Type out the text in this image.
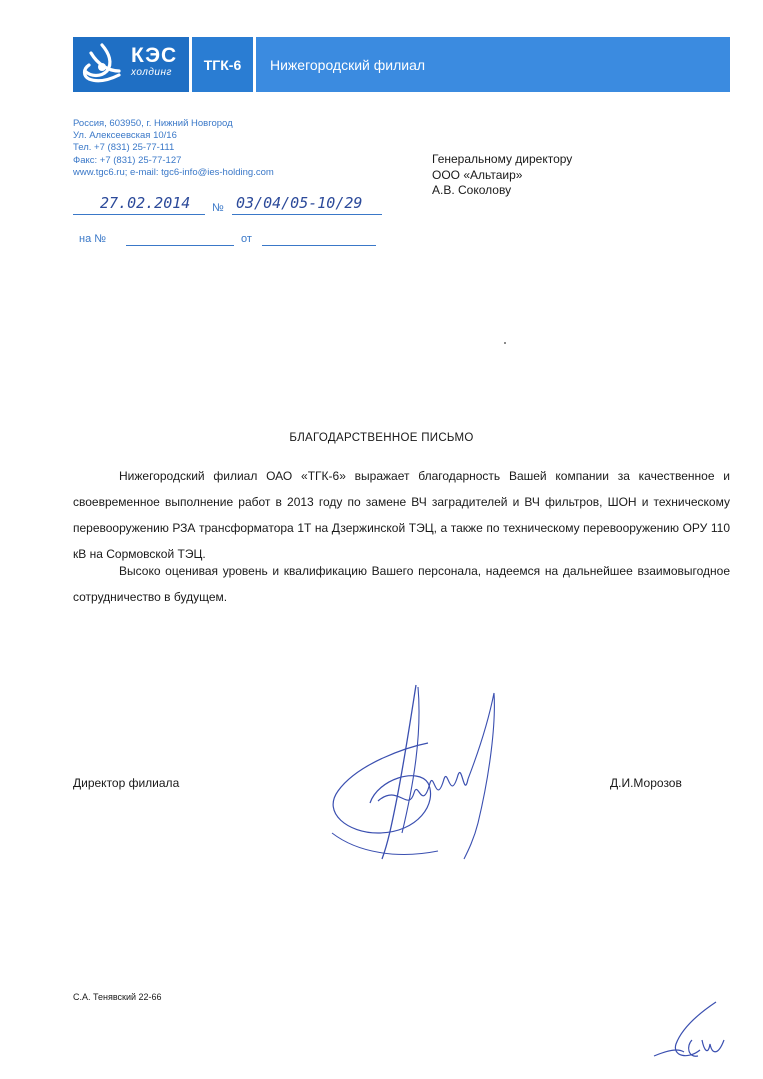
КЭС
холдинг	ТГК-6	Нижегородский филиал
Россия, 603950, г. Нижний Новгород
Ул. Алексеевская 10/16
Тел. +7 (831) 25-77-111
Факс: +7 (831) 25-77-127
www.tgc6.ru; e-mail: tgc6-info@ies-holding.com
Генеральному директору
ООО «Альтаир»
А.В. Соколову
27.02.2014 № 03/04/05-10/29
на №	от
БЛАГОДАРСТВЕННОЕ ПИСЬМО

Нижегородский филиал ОАО «ТГК-6» выражает благодарность Вашей компании за качественное и своевременное выполнение работ в 2013 году по замене ВЧ заградителей и ВЧ фильтров, ШОН и техническому перевооружению РЗА трансформатора 1Т на Дзержинской ТЭЦ, а также по техническому перевооружению ОРУ 110 кВ на Сормовской ТЭЦ.

Высоко оценивая уровень и квалификацию Вашего персонала, надеемся на дальнейшее взаимовыгодное сотрудничество в будущем.

Директор филиала	Д.И.Морозов
С.А. Тенявский 22-66
